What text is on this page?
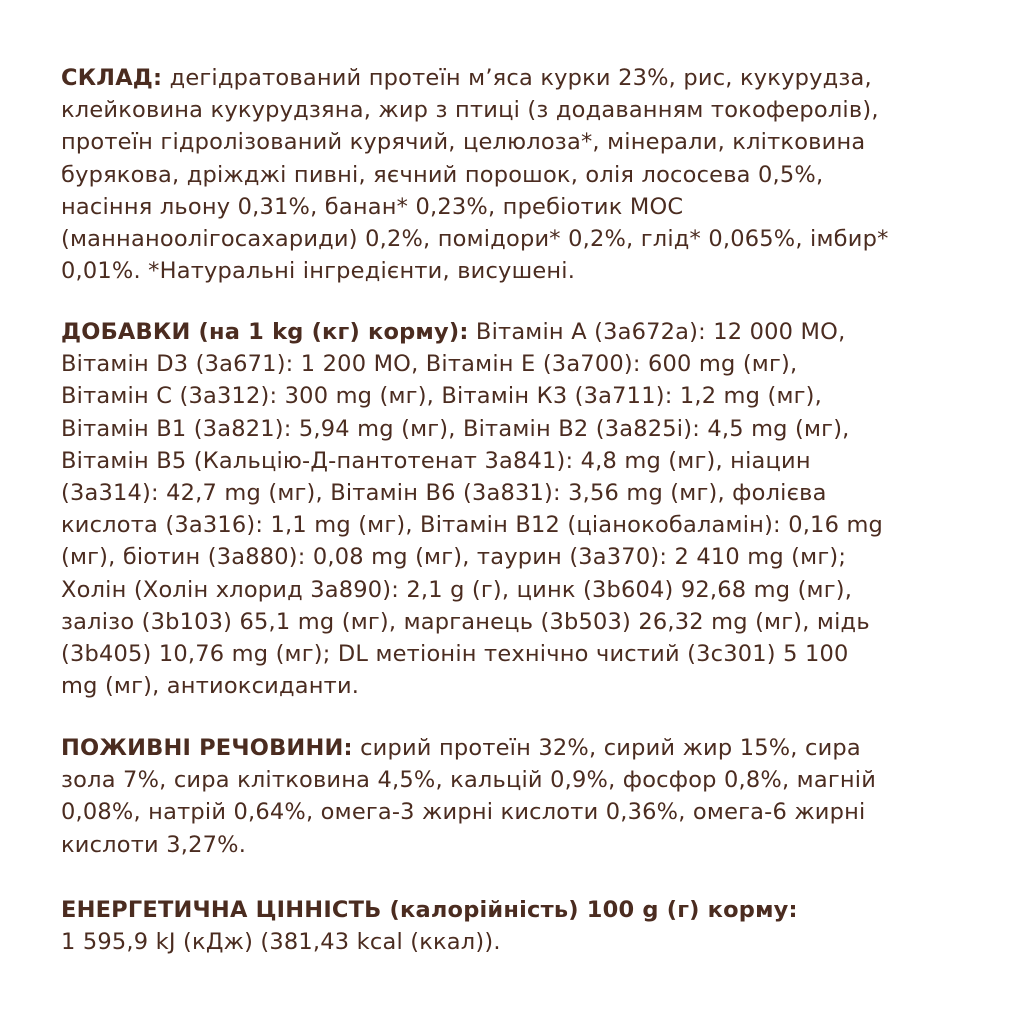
СКЛАД: дегідратований протеїн м’яса курки 23%, рис, кукурудза,
клейковина кукурудзяна, жир з птиці (з додаванням токоферолів),
протеїн гідролізований курячий, целюлоза*, мінерали, клітковина
бурякова, дріжджі пивні, яєчний порошок, олія лососева 0,5%,
насіння льону 0,31%, банан* 0,23%, пребіотик МОС
(маннаноолігосахариди) 0,2%, помідори* 0,2%, глід* 0,065%, імбир*
0,01%. *Натуральні інгредієнти, висушені.
ДОБАВКИ (на 1 kg (кг) корму): Вітамін А (3а672а): 12 000 МО,
Вітамін D3 (3а671): 1 200 МО, Вітамін Е (3а700): 600 mg (мг),
Вітамін С (3а312): 300 mg (мг), Вітамін К3 (3а711): 1,2 mg (мг),
Вітамін В1 (3а821): 5,94 mg (мг), Вітамін В2 (3а825і): 4,5 mg (мг),
Вітамін В5 (Кальцію-Д-пантотенат 3а841): 4,8 mg (мг), ніацин
(3а314): 42,7 mg (мг), Вітамін В6 (3а831): 3,56 mg (мг), фолієва
кислота (3а316): 1,1 mg (мг), Вітамін В12 (ціанокобаламін): 0,16 mg
(мг), біотин (3а880): 0,08 mg (мг), таурин (3а370): 2 410 mg (мг);
Холін (Холін хлорид 3а890): 2,1 g (г), цинк (3b604) 92,68 mg (мг),
залізо (3b103) 65,1 mg (мг), марганець (3b503) 26,32 mg (мг), мідь
(3b405) 10,76 mg (мг); DL метіонін технічно чистий (3c301) 5 100
mg (мг), антиоксиданти.
ПОЖИВНІ РЕЧОВИНИ: сирий протеїн 32%, сирий жир 15%, сира
зола 7%, сира клітковина 4,5%, кальцій 0,9%, фосфор 0,8%, магній
0,08%, натрій 0,64%, омега-3 жирні кислоти 0,36%, омега-6 жирні
кислоти 3,27%.
ЕНЕРГЕТИЧНА ЦІННІСТЬ (калорійність) 100 g (г) корму:
1 595,9 kJ (кДж) (381,43 kcal (ккал)).
